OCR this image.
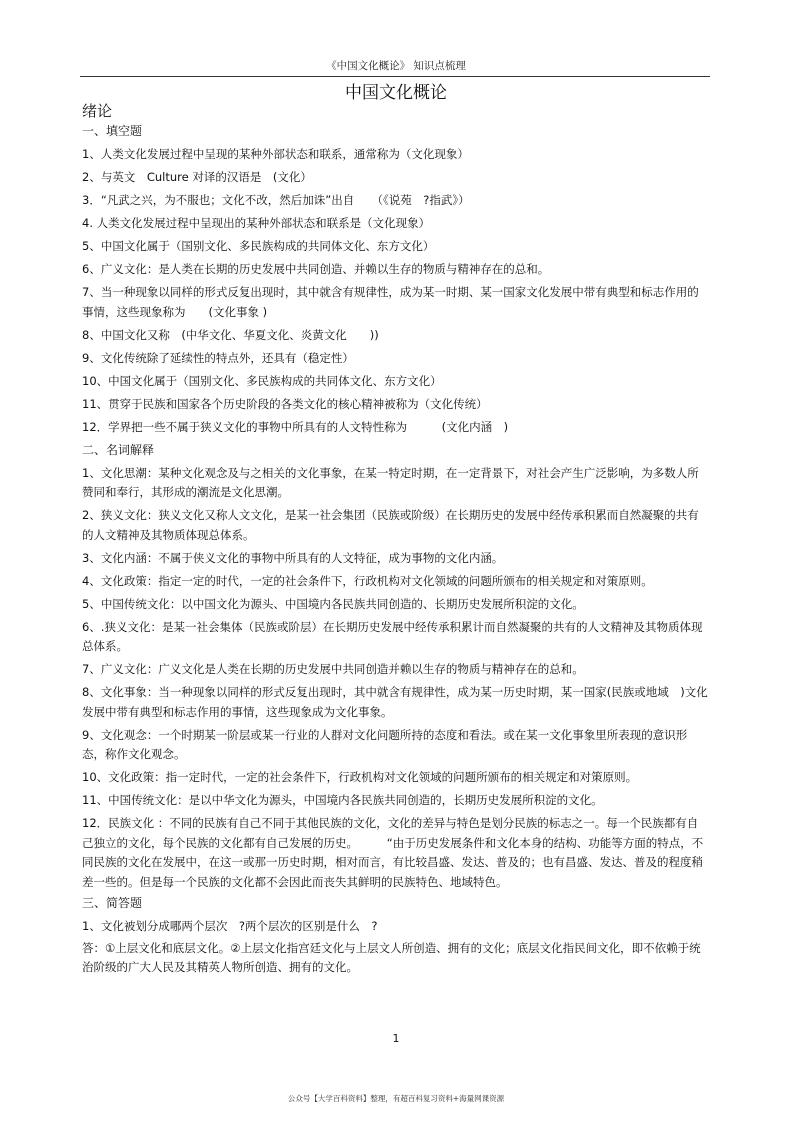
《中国文化概论》 知识点梳理
中国文化概论
绪论
一、填空题
1、人类文化发展过程中呈现的某种外部状态和联系，通常称为（文化现象）
2、与英文　Culture 对译的汉语是　(文化）
3．“凡武之兴，为不服也；文化不改，然后加诛”出自　　（《说苑　?指武》）
4. 人类文化发展过程中呈现出的某种外部状态和联系是（文化现象）
5、中国文化属于（国别文化、多民族构成的共同体文化、东方文化）
6、广义文化：是人类在长期的历史发展中共同创造、并赖以生存的物质与精神存在的总和。
7、当一种现象以同样的形式反复出现时，其中就含有规律性，成为某一时期、某一国家文化发展中带有典型和标志作用的事情，这些现象称为　　(文化事象 )
8、中国文化又称　(中华文化、华夏文化、炎黄文化　　))
9、文化传统除了延续性的特点外，还具有（稳定性）
10、中国文化属于（国别文化、多民族构成的共同体文化、东方文化）
11、贯穿于民族和国家各个历史阶段的各类文化的核心精神被称为（文化传统）
12．学界把一些不属于狭义文化的事物中所具有的人文特性称为　　　(文化内涵　)
二、名词解释
1、文化思潮：某种文化观念及与之相关的文化事象，在某一特定时期，在一定背景下，对社会产生广泛影响，为多数人所赞同和奉行，其形成的潮流是文化思潮。
2、狭义文化：狭义文化又称人文文化，是某一社会集团（民族或阶级）在长期历史的发展中经传承积累而自然凝聚的共有的人文精神及其物质体现总体系。
3、文化内涵：不属于侠义文化的事物中所具有的人文特征，成为事物的文化内涵。
4、文化政策：指定一定的时代，一定的社会条件下，行政机构对文化领域的问题所颁布的相关规定和对策原则。
5、中国传统文化：以中国文化为源头、中国境内各民族共同创造的、长期历史发展所积淀的文化。
6、.狭义文化：是某一社会集体（民族或阶层）在长期历史发展中经传承积累计而自然凝聚的共有的人文精神及其物质体现总体系。
7、广义文化：广义文化是人类在长期的历史发展中共同创造并赖以生存的物质与精神存在的总和。
8、文化事象：当一种现象以同样的形式反复出现时，其中就含有规律性，成为某一历史时期，某一国家(民族或地域　)文化发展中带有典型和标志作用的事情，这些现象成为文化事象。
9、文化观念：一个时期某一阶层或某一行业的人群对文化问题所持的态度和看法。或在某一文化事象里所表现的意识形态，称作文化观念。
10、文化政策：指一定时代，一定的社会条件下，行政机构对文化领域的问题所颁布的相关规定和对策原则。
11、中国传统文化：是以中华文化为源头，中国境内各民族共同创造的，长期历史发展所积淀的文化。
12．民族文化 ：不同的民族有自己不同于其他民族的文化，文化的差异与特色是划分民族的标志之一。每一个民族都有自己独立的文化，每个民族的文化都有自己发展的历史。　　　“由于历史发展条件和文化本身的结构、功能等方面的特点，不同民族的文化在发展中，在这一或那一历史时期，相对而言，有比较昌盛、发达、普及的；也有昌盛、发达、普及的程度稍差一些的。但是每一个民族的文化都不会因此而丧失其鲜明的民族特色、地域特色。
三、简答题
1、文化被划分成哪两个层次　?两个层次的区别是什么　?
答：①上层文化和底层文化。②上层文化指宫廷文化与上层文人所创造、拥有的文化；底层文化指民间文化，即不依赖于统治阶级的广大人民及其精英人物所创造、拥有的文化。
1
公众号【大学百科资料】整理，有超百科复习资料+海量网课资源
